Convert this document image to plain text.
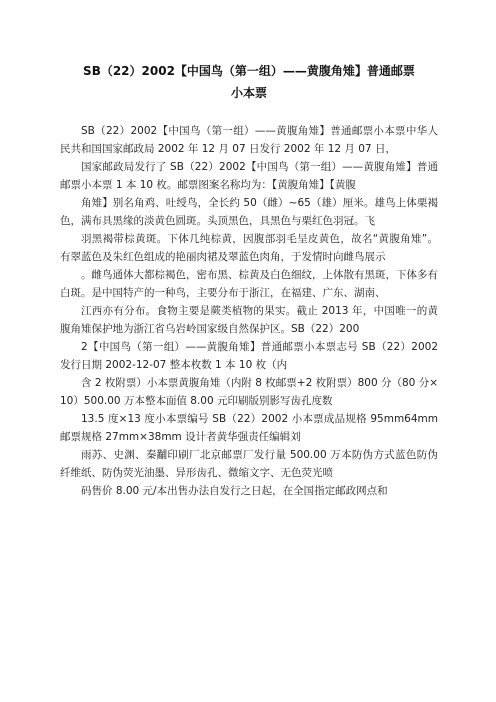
SB（22）2002【中国鸟（第一组）——黄腹角雉】普通邮票
小本票

SB（22）2002【中国鸟（第一组）——黄腹角雉】普通邮票小本票中华人民共和国国家邮政局 2002 年 12 月 07 日发行 2002 年 12 月 07 日，

国家邮政局发行了 SB（22）2002【中国鸟（第一组）——黄腹角雉】普通邮票小本票 1 本 10 枚。邮票图案名称均为：【黄腹角雉】【黄腹

角雉】别名角鸡、吐绶鸟，全长约 50（雌）~65（雄）厘米。雄鸟上体栗褐色，满布具黑缘的淡黄色圆斑。头顶黑色，具黑色与栗红色羽冠。飞

羽黑褐带棕黄斑。下体几纯棕黄，因腹部羽毛呈皮黄色，故名“黄腹角雉”。有翠蓝色及朱红色组成的艳丽肉裙及翠蓝色肉角，于发情时向雌鸟展示

。雌鸟通体大都棕褐色，密布黑、棕黄及白色细纹，上体散有黑斑，下体多有白斑。是中国特产的一种鸟，主要分布于浙江，在福建、广东、湖南、

江西亦有分布。食物主要是蕨类植物的果实。截止 2013 年，中国唯一的黄腹角雉保护地为浙江省乌岩岭国家级自然保护区。SB（22）200

2【中国鸟（第一组）——黄腹角雉】普通邮票小本票志号 SB（22）2002 发行日期 2002-12-07 整本枚数 1 本 10 枚（内

含 2 枚附票）小本票黄腹角雉（内附 8 枚邮票+2 枚附票）800 分（80 分×10）500.00 万本整本面值 8.00 元印刷版别影写齿孔度数

13.5 度×13 度小本票编号 SB（22）2002 小本票成品规格 95mm64mm 邮票规格 27mm×38mm 设计者黄华强责任编辑刘

雨苏、史渊、秦黼印刷厂北京邮票厂发行量 500.00 万本防伪方式蓝色防伪纤维纸、防伪荧光油墨、异形齿孔、微缩文字、无色荧光喷

码售价 8.00 元/本出售办法自发行之日起，在全国指定邮政网点和
